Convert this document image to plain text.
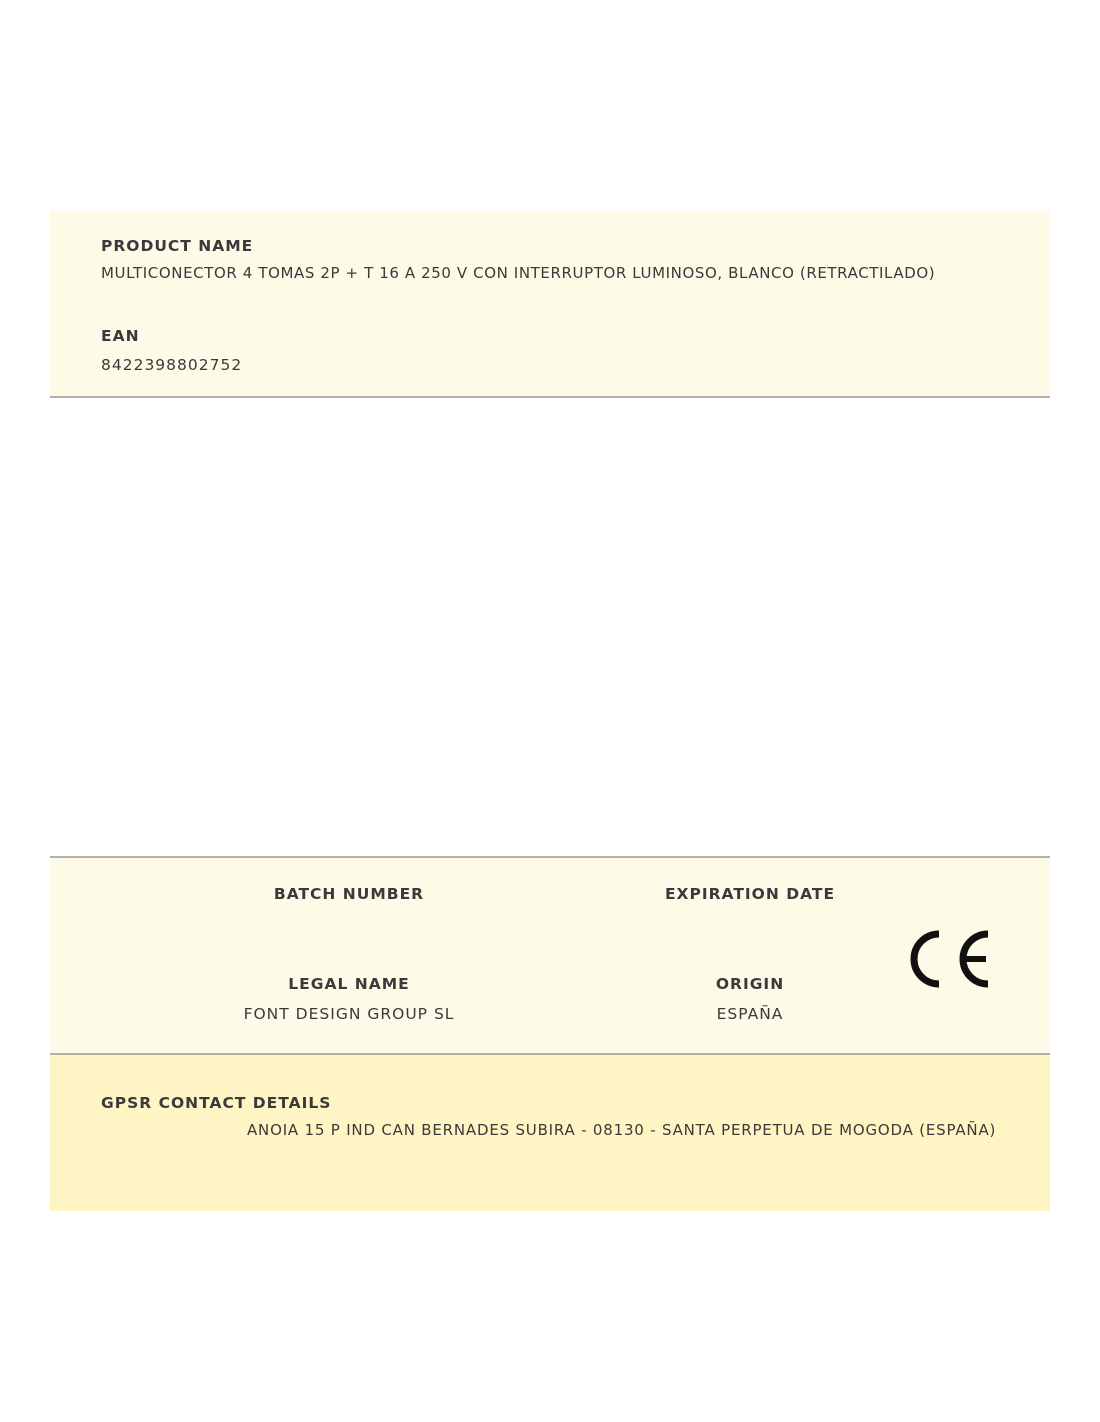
PRODUCT NAME
MULTICONECTOR 4 TOMAS 2P + T 16 A 250 V CON INTERRUPTOR LUMINOSO, BLANCO (RETRACTILADO)
EAN
8422398802752
BATCH NUMBER	EXPIRATION DATE
LEGAL NAME
FONT DESIGN GROUP SL
ORIGIN
ESPAÑA
GPSR CONTACT DETAILS
ANOIA 15 P IND CAN BERNADES SUBIRA - 08130 - SANTA PERPETUA DE MOGODA (ESPAÑA)
